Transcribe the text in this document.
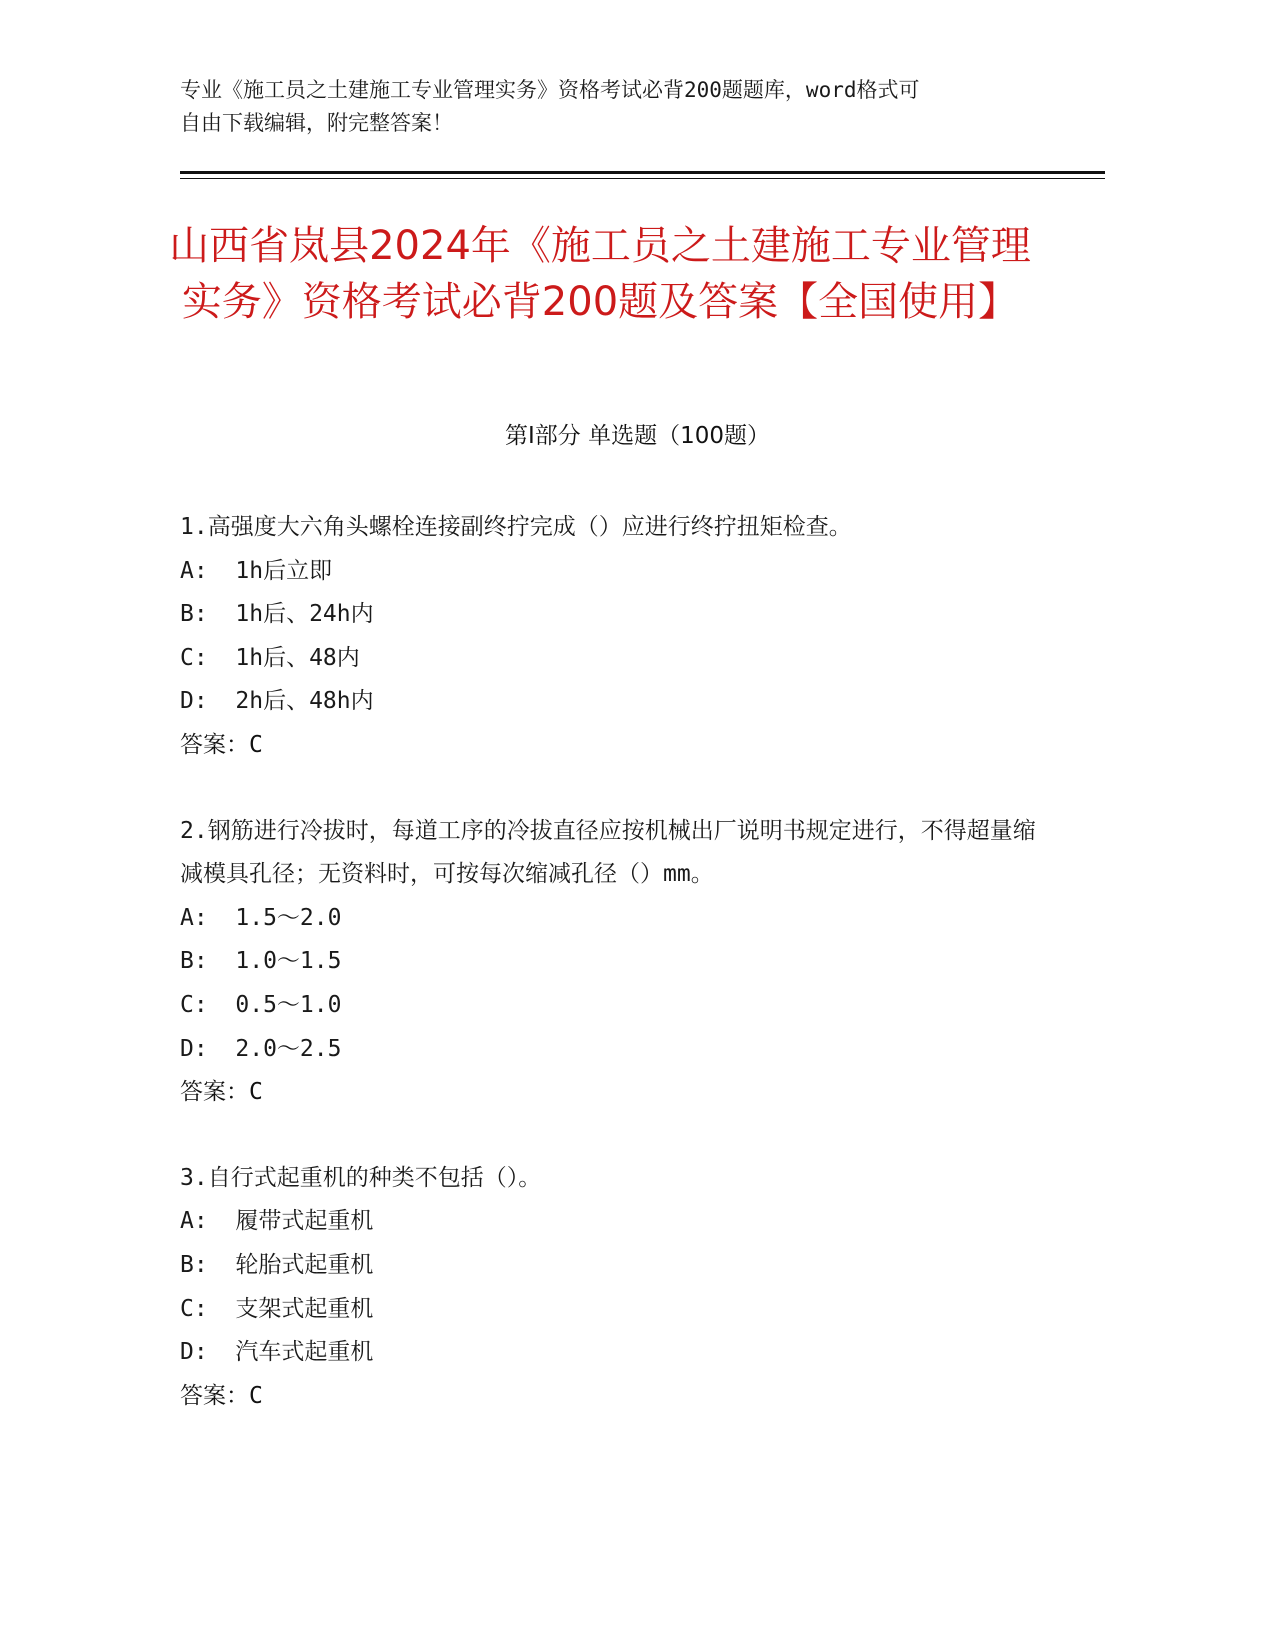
专业《施工员之土建施工专业管理实务》资格考试必背200题题库，word格式可
自由下载编辑，附完整答案！
山西省岚县2024年《施工员之土建施工专业管理实务》资格考试必背200题及答案【全国使用】
第Ⅰ部分 单选题（100题）
1.高强度大六角头螺栓连接副终拧完成（）应进行终拧扭矩检查。
A:  1h后立即
B:  1h后、24h内
C:  1h后、48内
D:  2h后、48h内
答案：C
2.钢筋进行冷拔时，每道工序的冷拔直径应按机械出厂说明书规定进行，不得超量缩减模具孔径；无资料时，可按每次缩减孔径（）mm。
A:  1.5～2.0
B:  1.0～1.5
C:  0.5～1.0
D:  2.0～2.5
答案：C
3.自行式起重机的种类不包括（）。
A:  履带式起重机
B:  轮胎式起重机
C:  支架式起重机
D:  汽车式起重机
答案：C
